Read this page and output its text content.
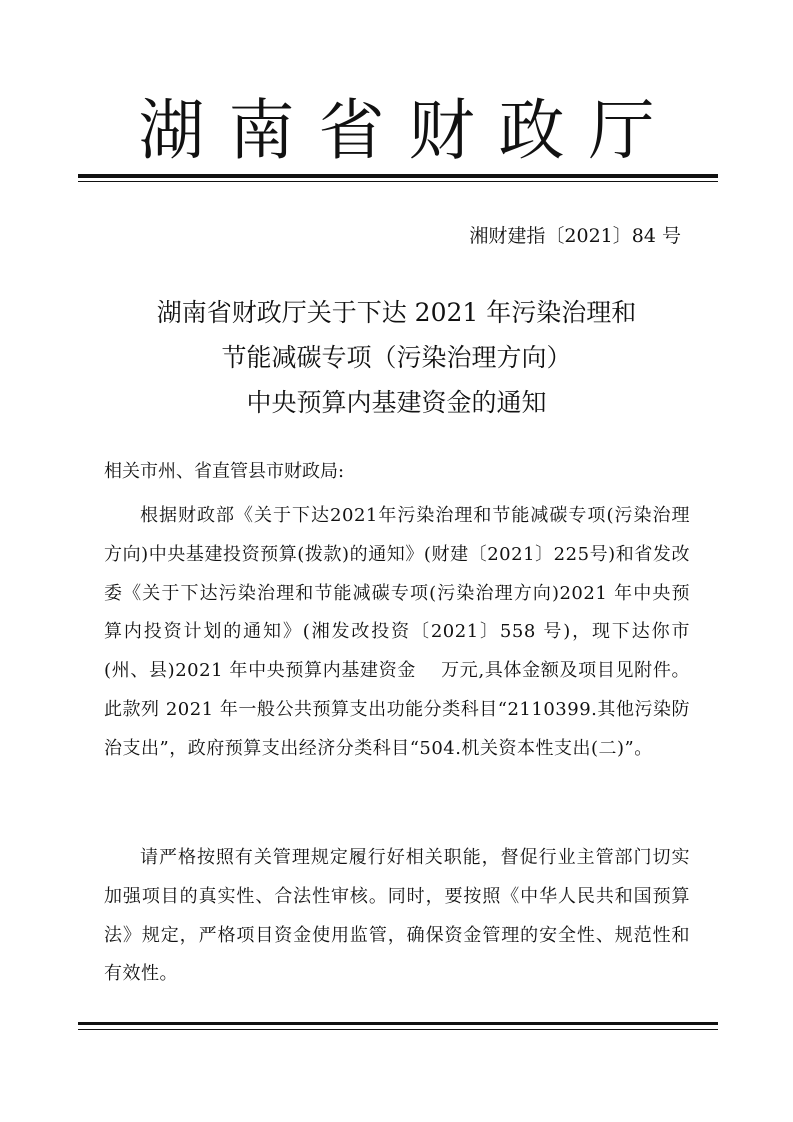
湖南省财政厅
湘财建指〔2021〕84 号
湖南省财政厅关于下达 2021 年污染治理和
节能减碳专项（污染治理方向）
中央预算内基建资金的通知
相关市州、省直管县市财政局:
根据财政部《关于下达2021年污染治理和节能减碳专项(污染治理方向)中央基建投资预算(拨款)的通知》(财建〔2021〕225号)和省发改委《关于下达污染治理和节能减碳专项(污染治理方向)2021 年中央预算内投资计划的通知》(湘发改投资〔2021〕558 号)，现下达你市(州、县)2021 年中央预算内基建资金　 万元,具体金额及项目见附件。此款列 2021 年一般公共预算支出功能分类科目“2110399.其他污染防治支出”，政府预算支出经济分类科目“504.机关资本性支出(二)”。
请严格按照有关管理规定履行好相关职能，督促行业主管部门切实加强项目的真实性、合法性审核。同时，要按照《中华人民共和国预算法》规定，严格项目资金使用监管，确保资金管理的安全性、规范性和有效性。
